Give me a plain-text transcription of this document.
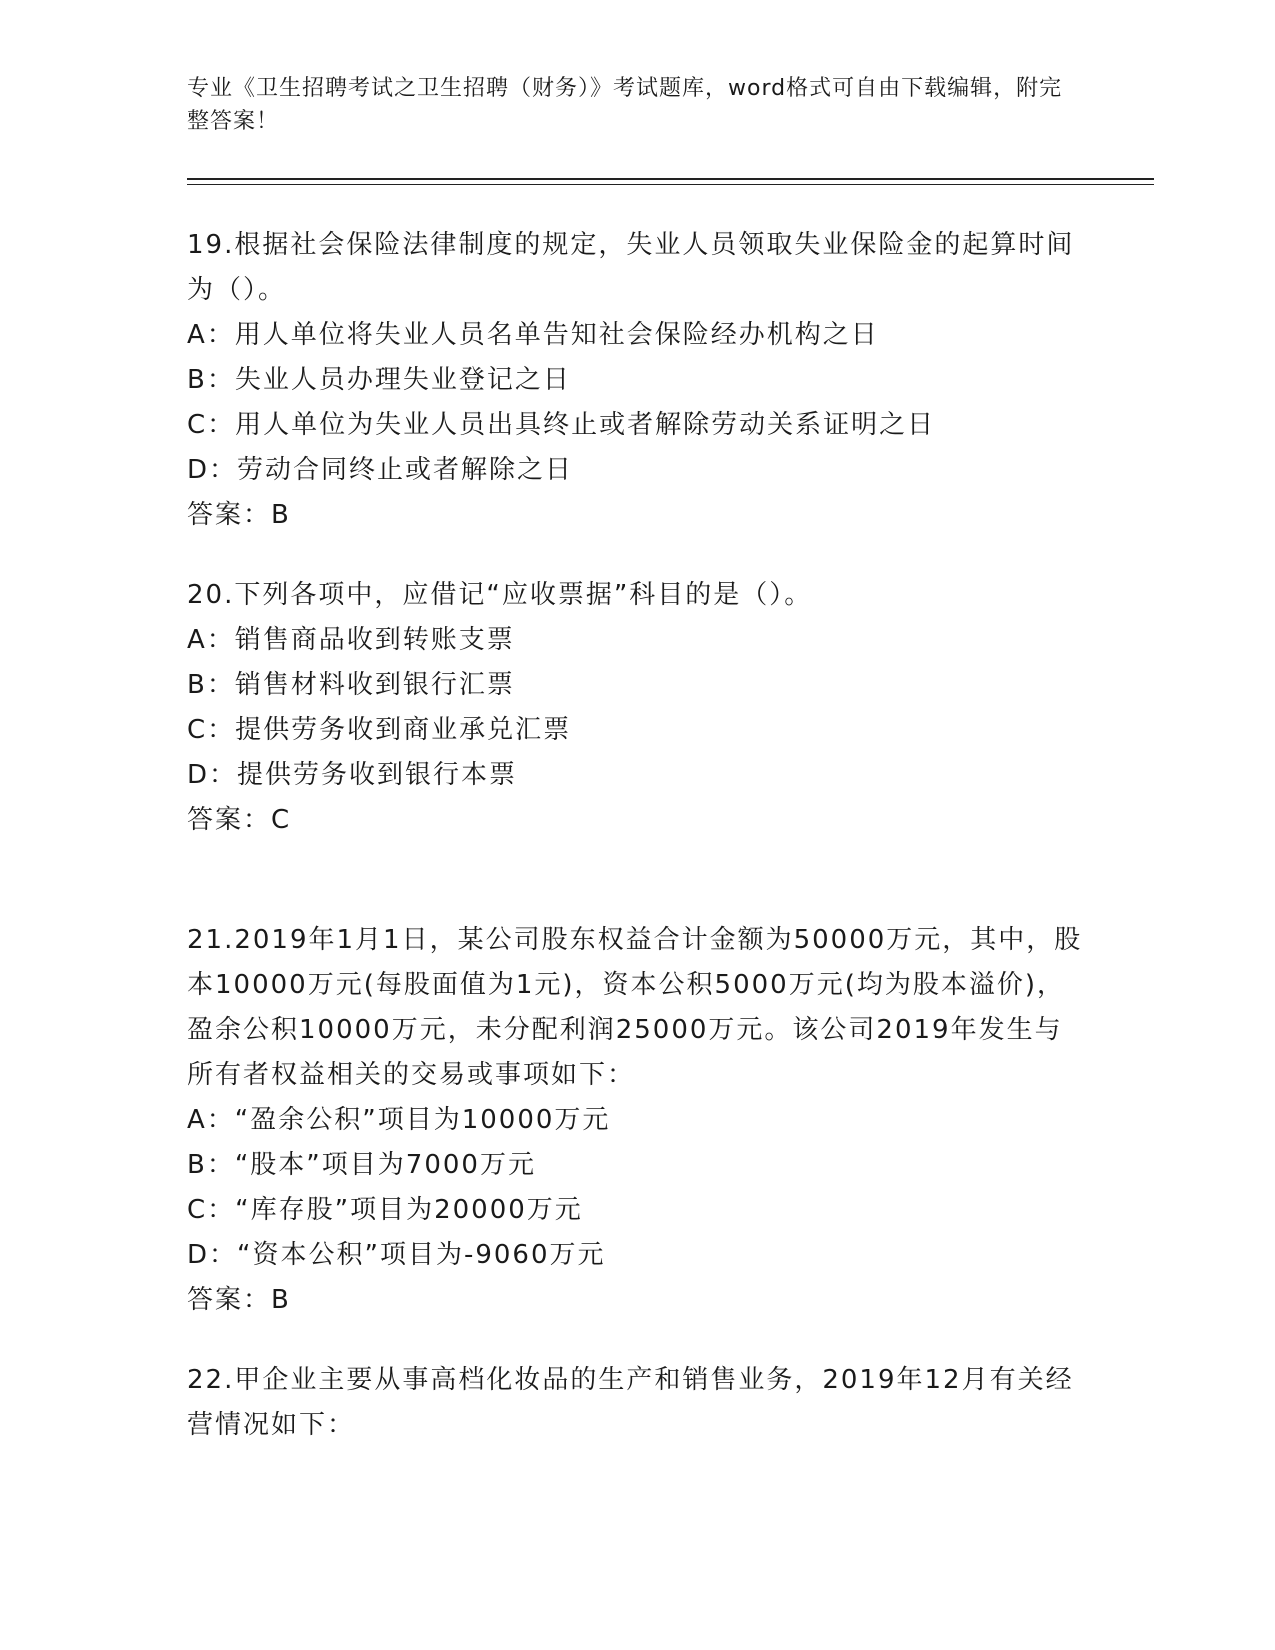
专业《卫生招聘考试之卫生招聘（财务）》考试题库，word格式可自由下载编辑，附完整答案！
19.根据社会保险法律制度的规定，失业人员领取失业保险金的起算时间为（）。
A：用人单位将失业人员名单告知社会保险经办机构之日
B：失业人员办理失业登记之日
C：用人单位为失业人员出具终止或者解除劳动关系证明之日
D：劳动合同终止或者解除之日
答案：B
20.下列各项中，应借记“应收票据”科目的是（）。
A：销售商品收到转账支票
B：销售材料收到银行汇票
C：提供劳务收到商业承兑汇票
D：提供劳务收到银行本票
答案：C
21.2019年1月1日，某公司股东权益合计金额为50000万元，其中，股本10000万元(每股面值为1元)，资本公积5000万元(均为股本溢价)，盈余公积10000万元，未分配利润25000万元。该公司2019年发生与所有者权益相关的交易或事项如下：
A：“盈余公积”项目为10000万元
B：“股本”项目为7000万元
C：“库存股”项目为20000万元
D：“资本公积”项目为-9060万元
答案：B
22.甲企业主要从事高档化妆品的生产和销售业务，2019年12月有关经营情况如下：
